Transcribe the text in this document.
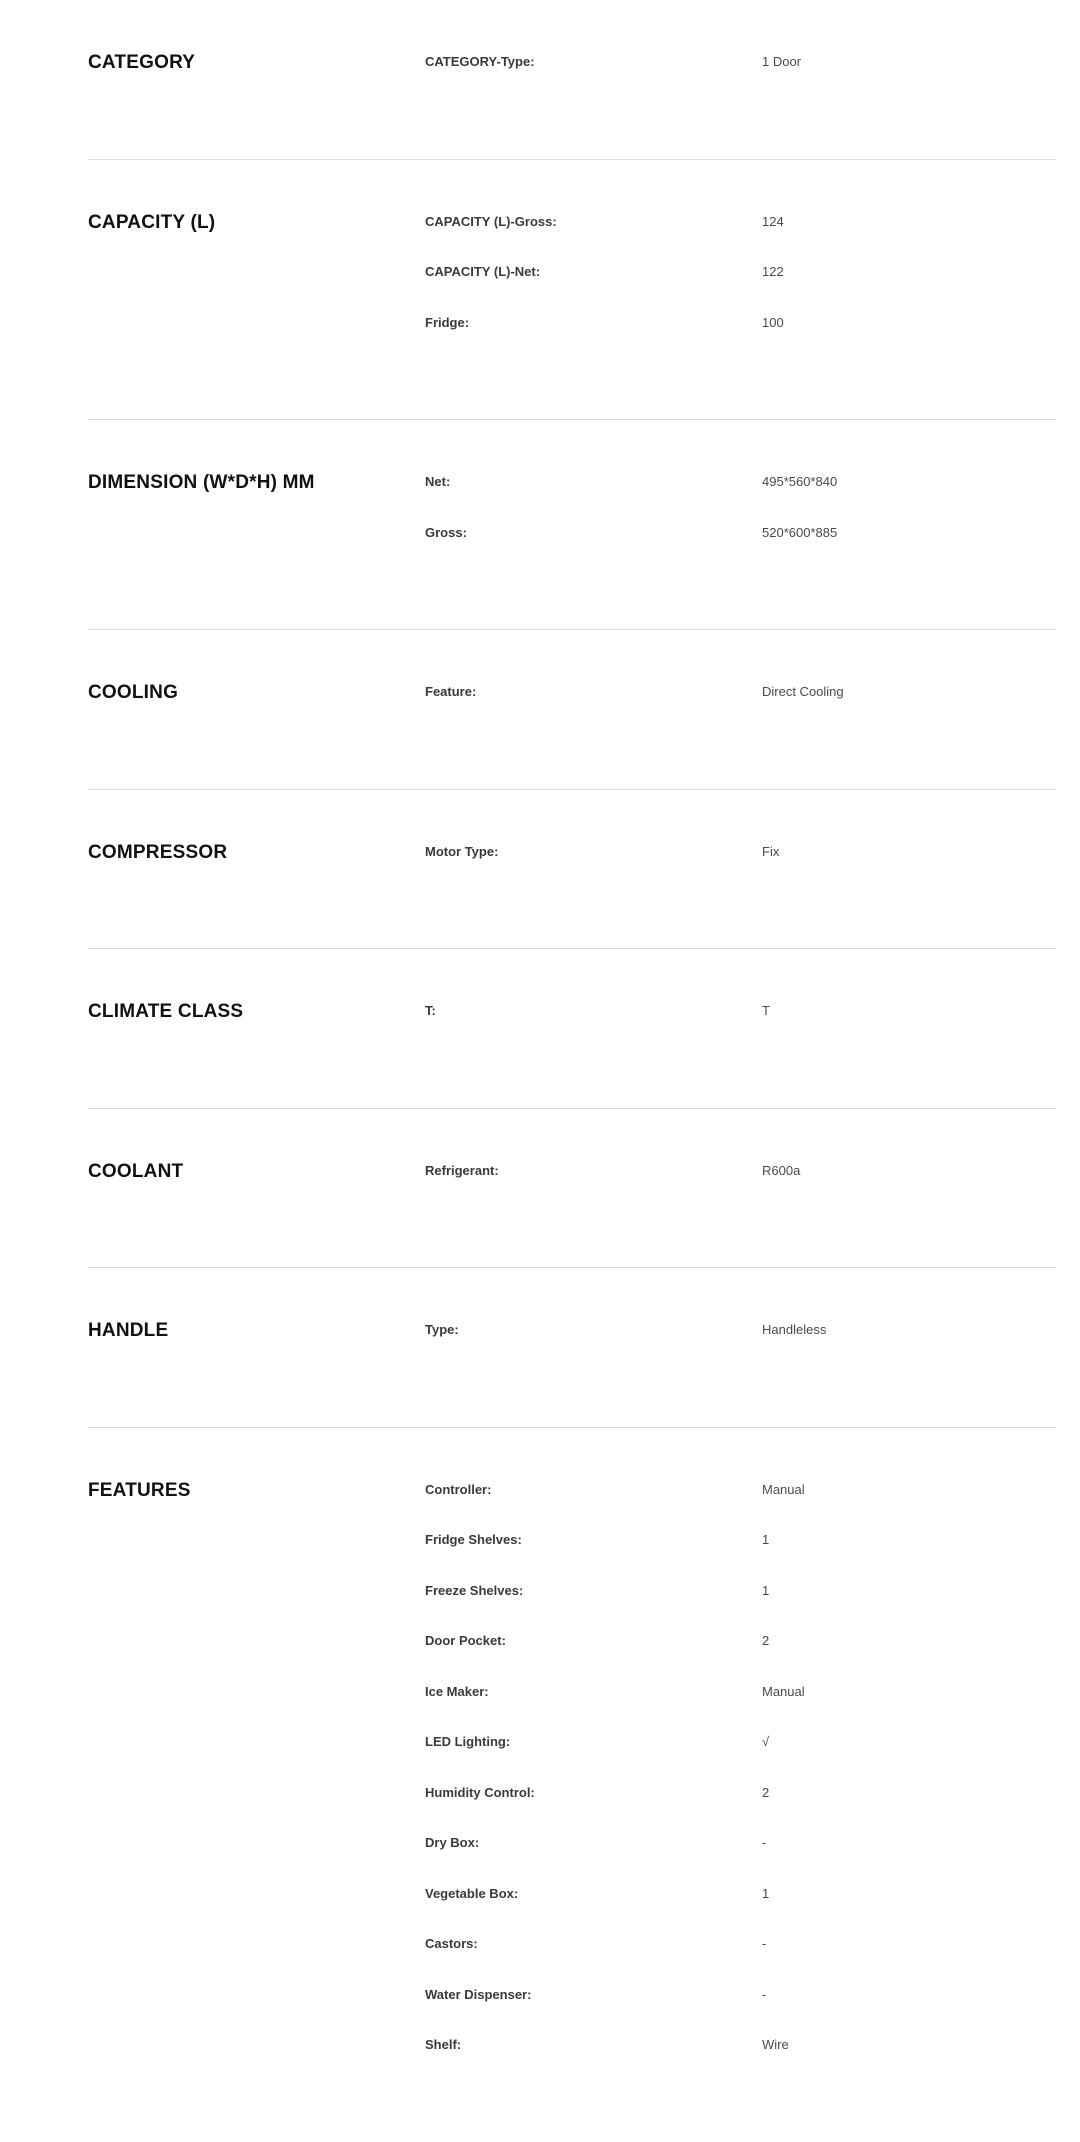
CATEGORY	CATEGORY-Type:	1 Door
CAPACITY (L)	CAPACITY (L)-Gross:	124
CAPACITY (L)-Net:	122
Fridge:	100
DIMENSION (W*D*H) MM	Net:	495*560*840
Gross:	520*600*885
COOLING	Feature:	Direct Cooling
COMPRESSOR	Motor Type:	Fix
CLIMATE CLASS	T:	T
COOLANT	Refrigerant:	R600a
HANDLE	Type:	Handleless
FEATURES	Controller:	Manual
Fridge Shelves:	1
Freeze Shelves:	1
Door Pocket:	2
Ice Maker:	Manual
LED Lighting:	√
Humidity Control:	2
Dry Box:	-
Vegetable Box:	1
Castors:	-
Water Dispenser:	-
Shelf:	Wire
